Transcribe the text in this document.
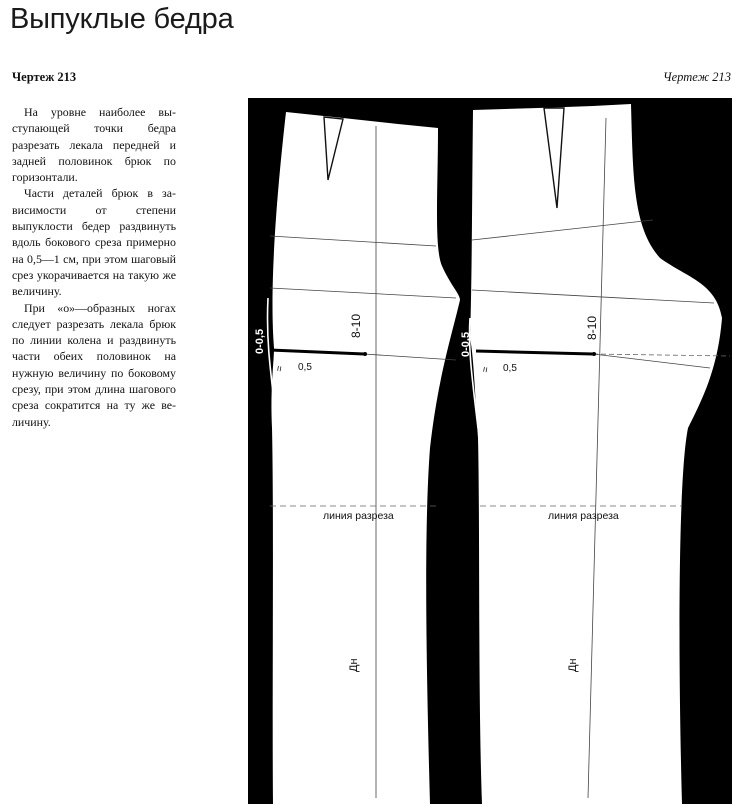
Выпуклые бедра
Чертеж 213	Чертеж 213

На уровне наиболее выступающей точки бедра разрезать лекала передней и задней половинок брюк по горизонтали.

Части деталей брюк в зависимости от степени выпуклости бедер раздвинуть вдоль бокового среза примерно на 0,5—1 см, при этом шаговый срез укорачивается на такую же величину.

При «о»—образных ногах следует разрезать лекала брюк по линии колена и раздвинуть части обеих половинок на нужную величину по боковому срезу, при этом длина шагового среза сократится на ту же величину.

0-0,5	0-0,5
8-10	8-10
0,5	0,5
=	=
линия разреза	линия разреза
Дн	Дн
